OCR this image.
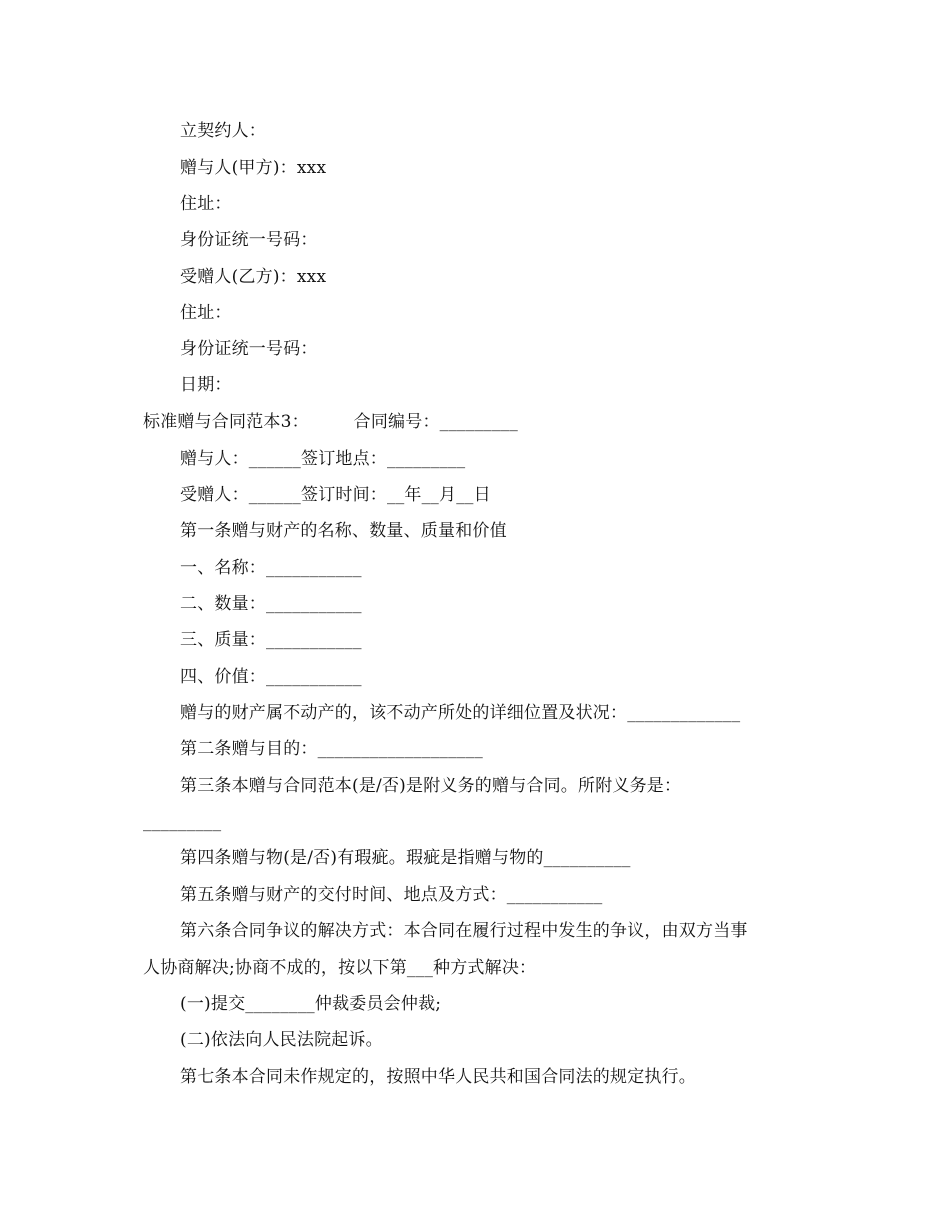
立契约人：
赠与人(甲方)：xxx
住址：
身份证统一号码：
受赠人(乙方)：xxx
住址：
身份证统一号码：
日期：
标准赠与合同范本3：        合同编号：_________
赠与人：______签订地点：_________
受赠人：______签订时间：__年__月__日
第一条赠与财产的名称、数量、质量和价值
一、名称：___________
二、数量：___________
三、质量：___________
四、价值：___________
赠与的财产属不动产的，该不动产所处的详细位置及状况：_____________
第二条赠与目的：___________________
第三条本赠与合同范本(是/否)是附义务的赠与合同。所附义务是：
_________
第四条赠与物(是/否)有瑕疵。瑕疵是指赠与物的__________
第五条赠与财产的交付时间、地点及方式：___________
第六条合同争议的解决方式：本合同在履行过程中发生的争议，由双方当事
人协商解决;协商不成的，按以下第___种方式解决：
(一)提交________仲裁委员会仲裁;
(二)依法向人民法院起诉。
第七条本合同未作规定的，按照中华人民共和国合同法的规定执行。
